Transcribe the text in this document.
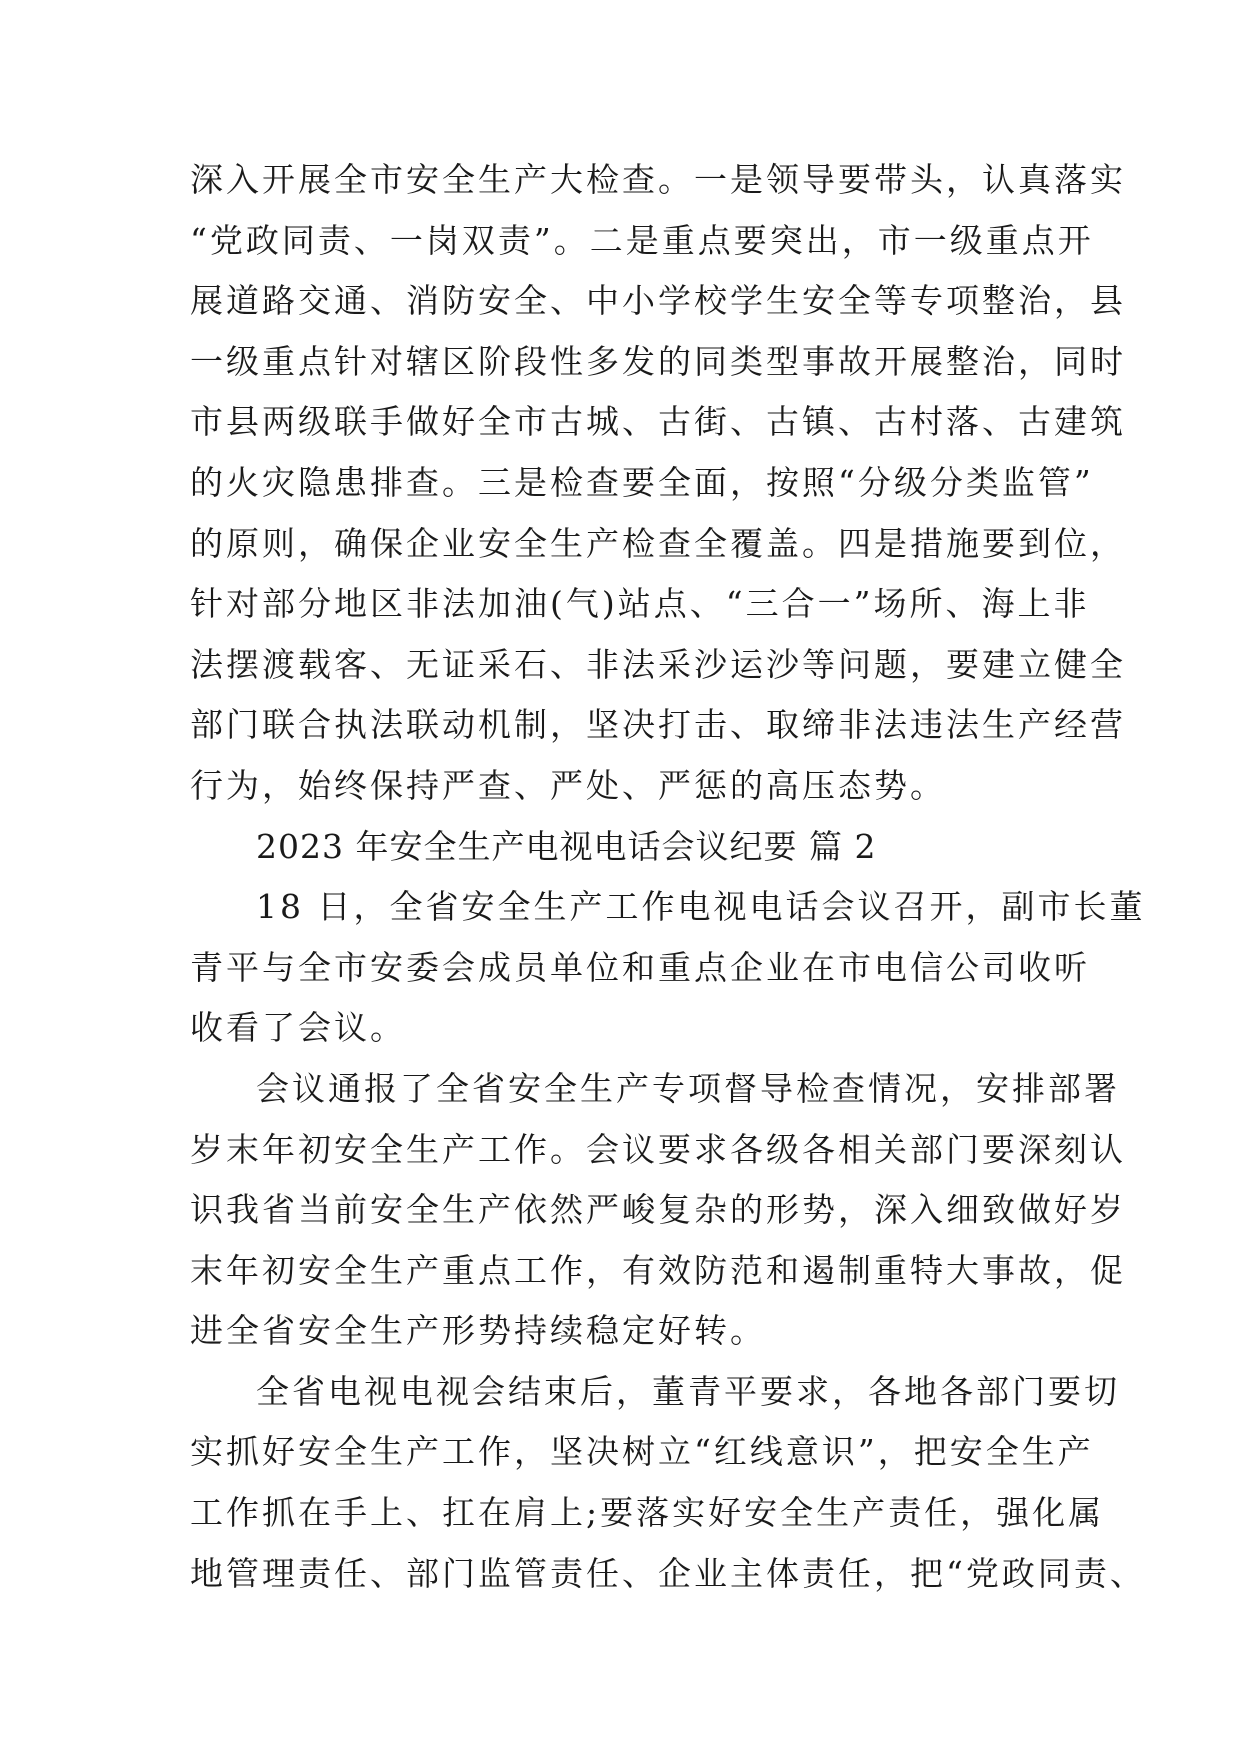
深入开展全市安全生产大检查。一是领导要带头，认真落实
“党政同责、一岗双责”。二是重点要突出，市一级重点开
展道路交通、消防安全、中小学校学生安全等专项整治，县
一级重点针对辖区阶段性多发的同类型事故开展整治，同时
市县两级联手做好全市古城、古街、古镇、古村落、古建筑
的火灾隐患排查。三是检查要全面，按照“分级分类监管”
的原则，确保企业安全生产检查全覆盖。四是措施要到位，
针对部分地区非法加油(气)站点、“三合一”场所、海上非
法摆渡载客、无证采石、非法采沙运沙等问题，要建立健全
部门联合执法联动机制，坚决打击、取缔非法违法生产经营
行为，始终保持严查、严处、严惩的高压态势。
2023 年安全生产电视电话会议纪要 篇 2
18 日，全省安全生产工作电视电话会议召开，副市长董
青平与全市安委会成员单位和重点企业在市电信公司收听
收看了会议。
会议通报了全省安全生产专项督导检查情况，安排部署
岁末年初安全生产工作。会议要求各级各相关部门要深刻认
识我省当前安全生产依然严峻复杂的形势，深入细致做好岁
末年初安全生产重点工作，有效防范和遏制重特大事故，促
进全省安全生产形势持续稳定好转。
全省电视电视会结束后，董青平要求，各地各部门要切
实抓好安全生产工作，坚决树立“红线意识”，把安全生产
工作抓在手上、扛在肩上;要落实好安全生产责任，强化属
地管理责任、部门监管责任、企业主体责任，把“党政同责、
